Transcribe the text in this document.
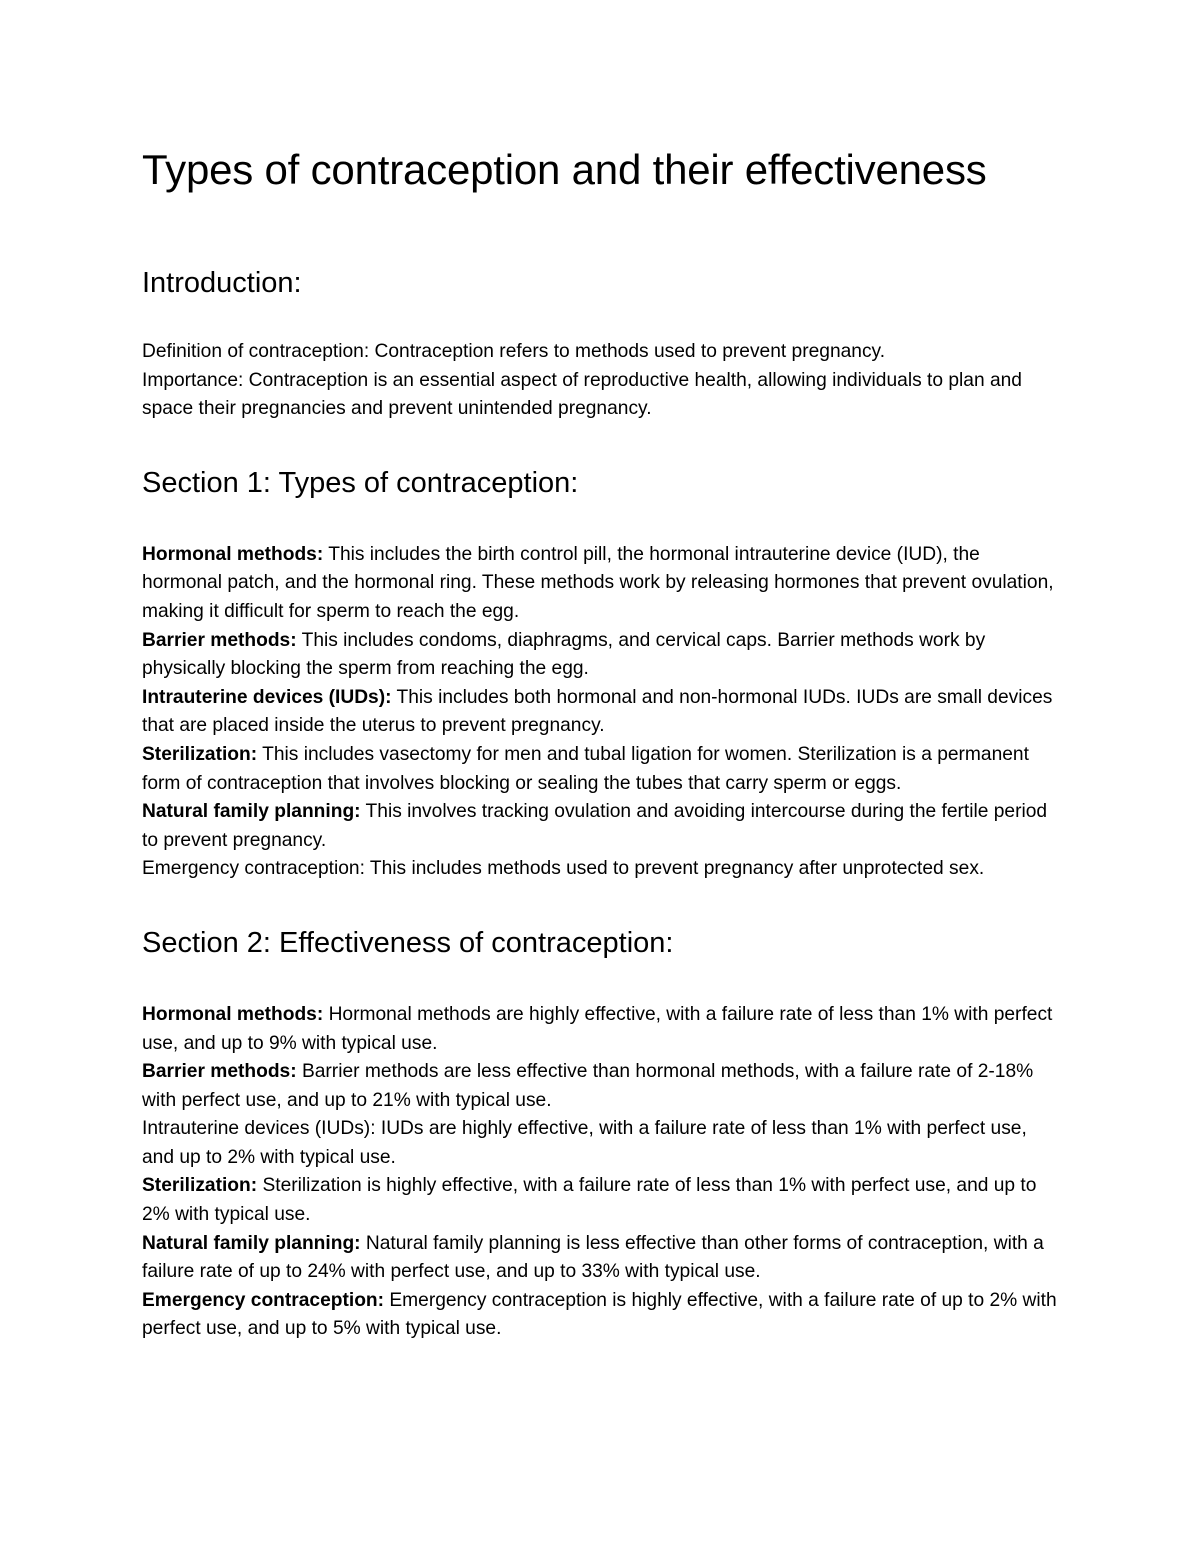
Types of contraception and their effectiveness
Introduction:

Definition of contraception: Contraception refers to methods used to prevent pregnancy.

Importance: Contraception is an essential aspect of reproductive health, allowing individuals to plan and space their pregnancies and prevent unintended pregnancy.

Section 1: Types of contraception:

Hormonal methods: This includes the birth control pill, the hormonal intrauterine device (IUD), the hormonal patch, and the hormonal ring. These methods work by releasing hormones that prevent ovulation, making it difficult for sperm to reach the egg.

Barrier methods: This includes condoms, diaphragms, and cervical caps. Barrier methods work by physically blocking the sperm from reaching the egg.

Intrauterine devices (IUDs): This includes both hormonal and non-hormonal IUDs. IUDs are small devices that are placed inside the uterus to prevent pregnancy.

Sterilization: This includes vasectomy for men and tubal ligation for women. Sterilization is a permanent form of contraception that involves blocking or sealing the tubes that carry sperm or eggs.

Natural family planning: This involves tracking ovulation and avoiding intercourse during the fertile period to prevent pregnancy.

Emergency contraception: This includes methods used to prevent pregnancy after unprotected sex.

Section 2: Effectiveness of contraception:

Hormonal methods: Hormonal methods are highly effective, with a failure rate of less than 1% with perfect use, and up to 9% with typical use.

Barrier methods: Barrier methods are less effective than hormonal methods, with a failure rate of 2-18% with perfect use, and up to 21% with typical use.

Intrauterine devices (IUDs): IUDs are highly effective, with a failure rate of less than 1% with perfect use, and up to 2% with typical use.

Sterilization: Sterilization is highly effective, with a failure rate of less than 1% with perfect use, and up to 2% with typical use.

Natural family planning: Natural family planning is less effective than other forms of contraception, with a failure rate of up to 24% with perfect use, and up to 33% with typical use.

Emergency contraception: Emergency contraception is highly effective, with a failure rate of up to 2% with perfect use, and up to 5% with typical use.
